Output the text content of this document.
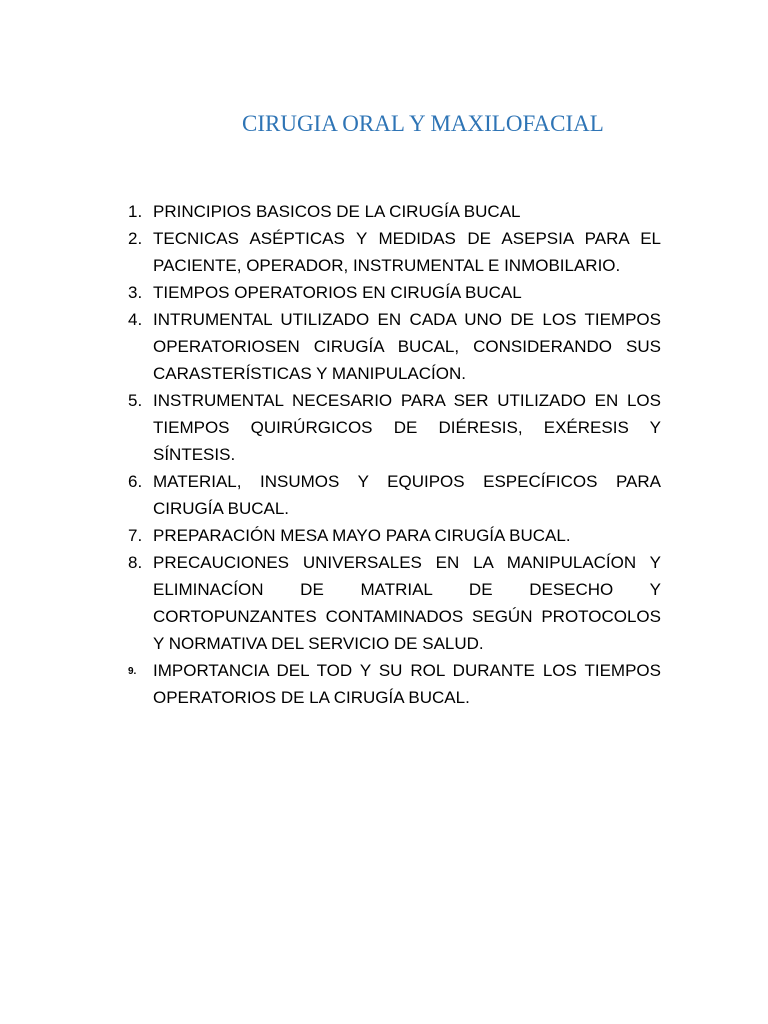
CIRUGIA ORAL Y MAXILOFACIAL
1. PRINCIPIOS BASICOS DE LA CIRUGÍA BUCAL
2. TECNICAS ASÉPTICAS Y MEDIDAS DE ASEPSIA PARA EL PACIENTE, OPERADOR, INSTRUMENTAL E INMOBILARIO.
3. TIEMPOS OPERATORIOS EN CIRUGÍA BUCAL
4. INTRUMENTAL UTILIZADO EN CADA UNO DE LOS TIEMPOS OPERATORIOSEN CIRUGÍA BUCAL, CONSIDERANDO SUS CARASTERÍSTICAS Y MANIPULACÍON.
5. INSTRUMENTAL NECESARIO PARA SER UTILIZADO EN LOS TIEMPOS QUIRÚRGICOS DE DIÉRESIS, EXÉRESIS Y SÍNTESIS.
6. MATERIAL, INSUMOS Y EQUIPOS ESPECÍFICOS PARA CIRUGÍA BUCAL.
7. PREPARACIÓN MESA MAYO PARA CIRUGÍA BUCAL.
8. PRECAUCIONES UNIVERSALES EN LA MANIPULACÍON Y ELIMINACÍON DE MATRIAL DE DESECHO Y CORTOPUNZANTES CONTAMINADOS SEGÚN PROTOCOLOS Y NORMATIVA DEL SERVICIO DE SALUD.
9. IMPORTANCIA DEL TOD Y SU ROL DURANTE LOS TIEMPOS OPERATORIOS DE LA CIRUGÍA BUCAL.
